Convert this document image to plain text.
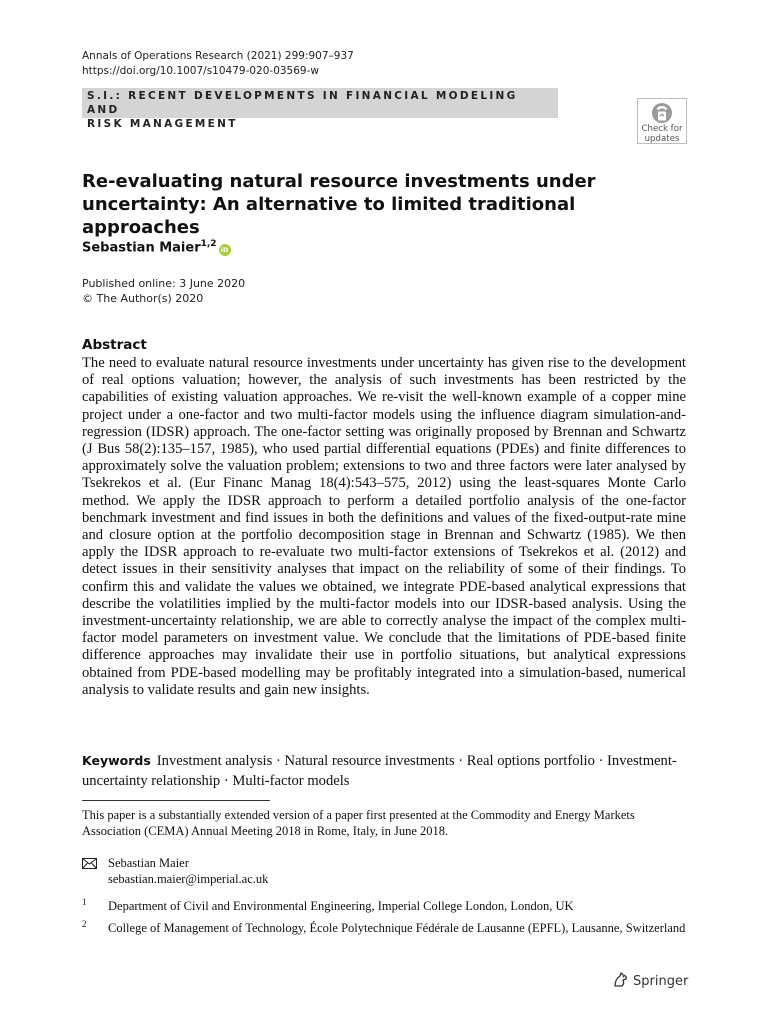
Annals of Operations Research (2021) 299:907–937
https://doi.org/10.1007/s10479-020-03569-w
S.I.: RECENT DEVELOPMENTS IN FINANCIAL MODELING AND
RISK MANAGEMENT	Check for
updates
Re-evaluating natural resource investments under uncertainty: An alternative to limited traditional approaches
Sebastian Maier$^{1,2}$iD
Published online: 3 June 2020
© The Author(s) 2020
Abstract
The need to evaluate natural resource investments under uncertainty has given rise to the development of real options valuation; however, the analysis of such investments has been restricted by the capabilities of existing valuation approaches. We re-visit the well-known example of a copper mine project under a one-factor and two multi-factor models using the influence diagram simulation-and-regression (IDSR) approach. The one-factor setting was originally proposed by Brennan and Schwartz (J Bus 58(2):135–157, 1985), who used partial differential equations (PDEs) and finite differences to approximately solve the valuation problem; extensions to two and three factors were later analysed by Tsekrekos et al. (Eur Financ Manag 18(4):543–575, 2012) using the least-squares Monte Carlo method. We apply the IDSR approach to perform a detailed portfolio analysis of the one-factor benchmark investment and find issues in both the definitions and values of the fixed-output-rate mine and closure option at the portfolio decomposition stage in Brennan and Schwartz (1985). We then apply the IDSR approach to re-evaluate two multi-factor extensions of Tsekrekos et al. (2012) and detect issues in their sensitivity analyses that impact on the reliability of some of their findings. To confirm this and validate the values we obtained, we integrate PDE-based analytical expressions that describe the volatilities implied by the multi-factor models into our IDSR-based analysis. Using the investment-uncertainty relationship, we are able to correctly analyse the impact of the complex multi-factor model parameters on investment value. We conclude that the limitations of PDE-based finite difference approaches may invalidate their use in portfolio situations, but analytical expressions obtained from PDE-based modelling may be profitably integrated into a simulation-based, numerical analysis to validate results and gain new insights.
Keywords Investment analysis · Natural resource investments · Real options portfolio · Investment-uncertainty relationship · Multi-factor models
This paper is a substantially extended version of a paper first presented at the Commodity and Energy Markets Association (CEMA) Annual Meeting 2018 in Rome, Italy, in June 2018.
Sebastian Maier
sebastian.maier@imperial.ac.uk
1 Department of Civil and Environmental Engineering, Imperial College London, London, UK
2 College of Management of Technology, École Polytechnique Fédérale de Lausanne (EPFL), Lausanne, Switzerland
Springer
